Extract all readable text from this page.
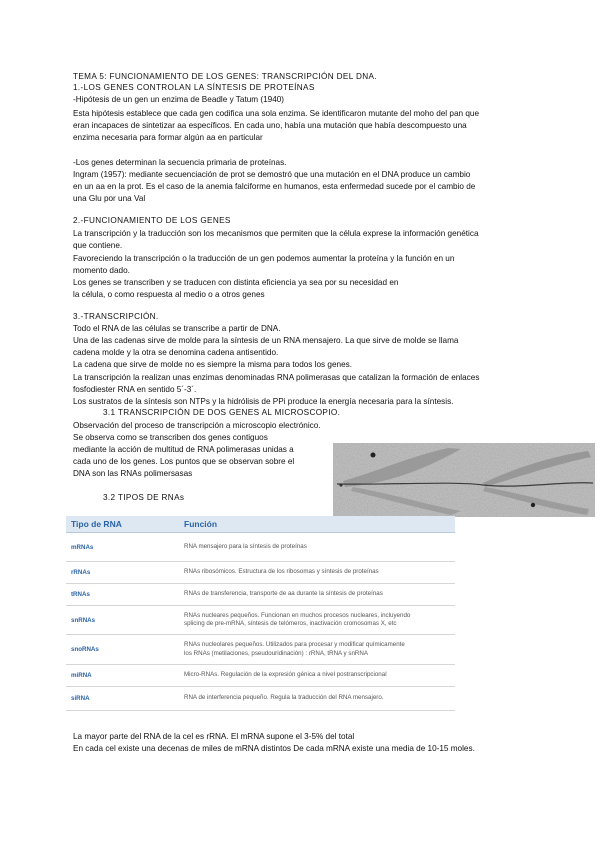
TEMA 5: FUNCIONAMIENTO DE LOS GENES: TRANSCRIPCIÓN DEL DNA.
1.-LOS GENES CONTROLAN LA SÍNTESIS DE PROTEÍNAS
-Hipótesis de un gen un enzima de Beadle y Tatum (1940)
Esta hipótesis establece que cada gen codifica una sola enzima. Se identificaron mutante del moho del pan que
eran incapaces de sintetizar aa específicos. En cada uno, había una mutación que había descompuesto una
enzima necesaria para formar algún aa en particular
-Los genes determinan la secuencia primaria de proteínas.
Ingram (1957): mediante secuenciación de prot se demostró que una mutación en el DNA produce un cambio
en un aa en la prot. Es el caso de la anemia falciforme en humanos, esta enfermedad sucede por el cambio de
una Glu por una Val
2.-FUNCIONAMIENTO DE LOS GENES
La transcripción y la traducción son los mecanismos que permiten que la célula exprese la información genética
que contiene.
Favoreciendo la transcripción o la traducción de un gen podemos aumentar la proteína y la función en un
momento dado.
Los genes se transcriben y se traducen con distinta eficiencia ya sea por su necesidad en
la célula, o como respuesta al medio o a otros genes
3.-TRANSCRIPCIÓN.
Todo el RNA de las células se transcribe a partir de DNA.
Una de las cadenas sirve de molde para la síntesis de un RNA mensajero. La que sirve de molde se llama
cadena molde y la otra se denomina cadena antisentido.
La cadena que sirve de molde no es siempre la misma para todos los genes.
La transcripción la realizan unas enzimas denominadas RNA polimerasas que catalizan la formación de enlaces
fosfodiester RNA en sentido 5´-3´.
Los sustratos de la síntesis son NTPs y la hidrólisis de PPi produce la energía necesaria para la síntesis.
3.1 TRANSCRIPCIÓN DE DOS GENES AL MICROSCOPIO.
Observación del proceso de transcripción a microscopio electrónico.
Se observa como se transcriben dos genes contiguos
mediante la acción de multitud de RNA polimerasas unidas a
cada uno de los genes. Los puntos que se observan sobre el
DNA son las RNAs polimersasas
3.2 TIPOS DE RNAs
Tipo de RNA	Función
mRNAs	RNA mensajero para la síntesis de proteínas

rRNAs	RNAs ribosómicos. Estructura de los ribosomas y síntesis de proteínas

tRNAs	RNAs de transferencia, transporte de aa durante la síntesis de proteínas

snRNAs	RNAs nucleares pequeños. Funcionan en muchos procesos nucleares, incluyendo
splicing de pre-mRNA, síntesis de telómeros, inactivación cromosomas X, etc

snoRNAs	RNAs nucleolares pequeños. Utilizados para procesar y modificar químicamente
los RNAs (metilaciones, pseudouridinación) : rRNA, tRNA y snRNA

miRNA	Micro-RNAs. Regulación de la expresión génica a nivel postranscripcional

siRNA	RNA de interferencia pequeño. Regula la traducción del RNA mensajero.
La mayor parte del RNA de la cel es rRNA. El mRNA supone el 3-5% del total
En cada cel existe una decenas de miles de mRNA distintos De cada mRNA existe una media de 10-15 moles.
